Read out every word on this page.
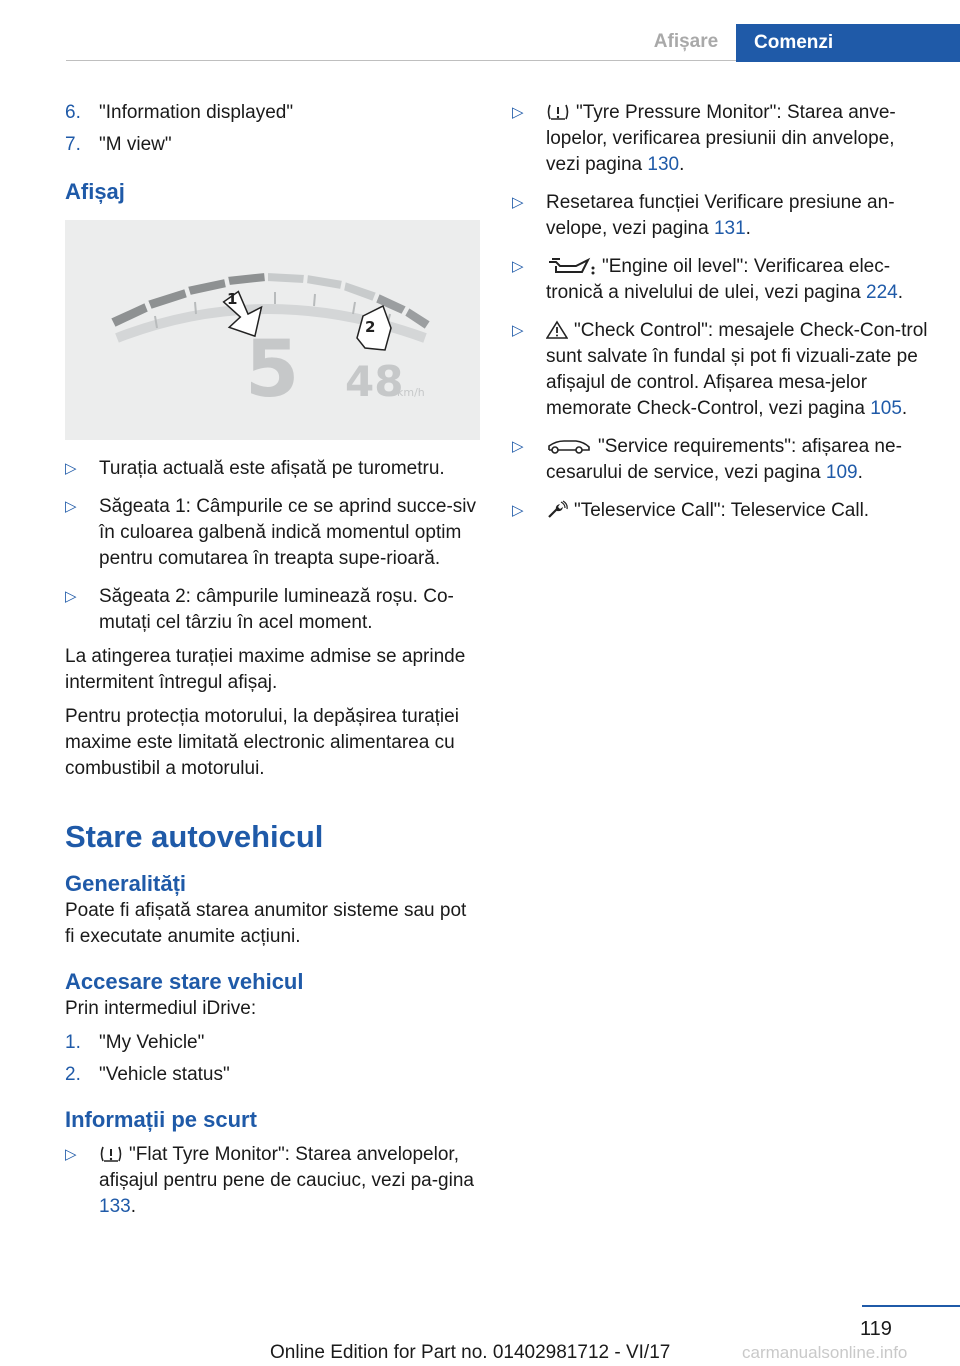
Afișare	Comenzi
6. "Information displayed"
7. "M view"
Afișaj
1
2
5 48
km/h
▷	Turația actuală este afișată pe turometru.
▷	Săgeata 1: Câmpurile ce se aprind succe-siv în culoarea galbenă indică momentul optim pentru comutarea în treapta supe-rioară.
▷	Săgeata 2: câmpurile luminează roșu. Co-mutați cel târziu în acel moment.
La atingerea turației maxime admise se aprinde intermitent întregul afișaj.
Pentru protecția motorului, la depășirea turației maxime este limitată electronic alimentarea cu combustibil a motorului.
Stare autovehicul
Generalități
Poate fi afișată starea anumitor sisteme sau pot fi executate anumite acțiuni.
Accesare stare vehicul
Prin intermediul iDrive:
1. "My Vehicle"
2. "Vehicle status"
Informații pe scurt
▷	"Flat Tyre Monitor": Starea anvelopelor, afișajul pentru pene de cauciuc, vezi pa-gina 133.
▷	"Tyre Pressure Monitor": Starea anve-lopelor, verificarea presiunii din anvelope, vezi pagina 130.
▷	Resetarea funcției Verificare presiune an-velope, vezi pagina 131.
▷	"Engine oil level": Verificarea elec-tronică a nivelului de ulei, vezi pagina 224.
▷	"Check Control": mesajele Check-Con-trol sunt salvate în fundal și pot fi vizuali-zate pe afișajul de control. Afișarea mesa-jelor memorate Check-Control, vezi pagina 105.
▷	"Service requirements": afișarea ne-cesarului de service, vezi pagina 109.
▷	"Teleservice Call": Teleservice Call.
119
Online Edition for Part no. 01402981712 - VI/17	carmanualsonline.info
